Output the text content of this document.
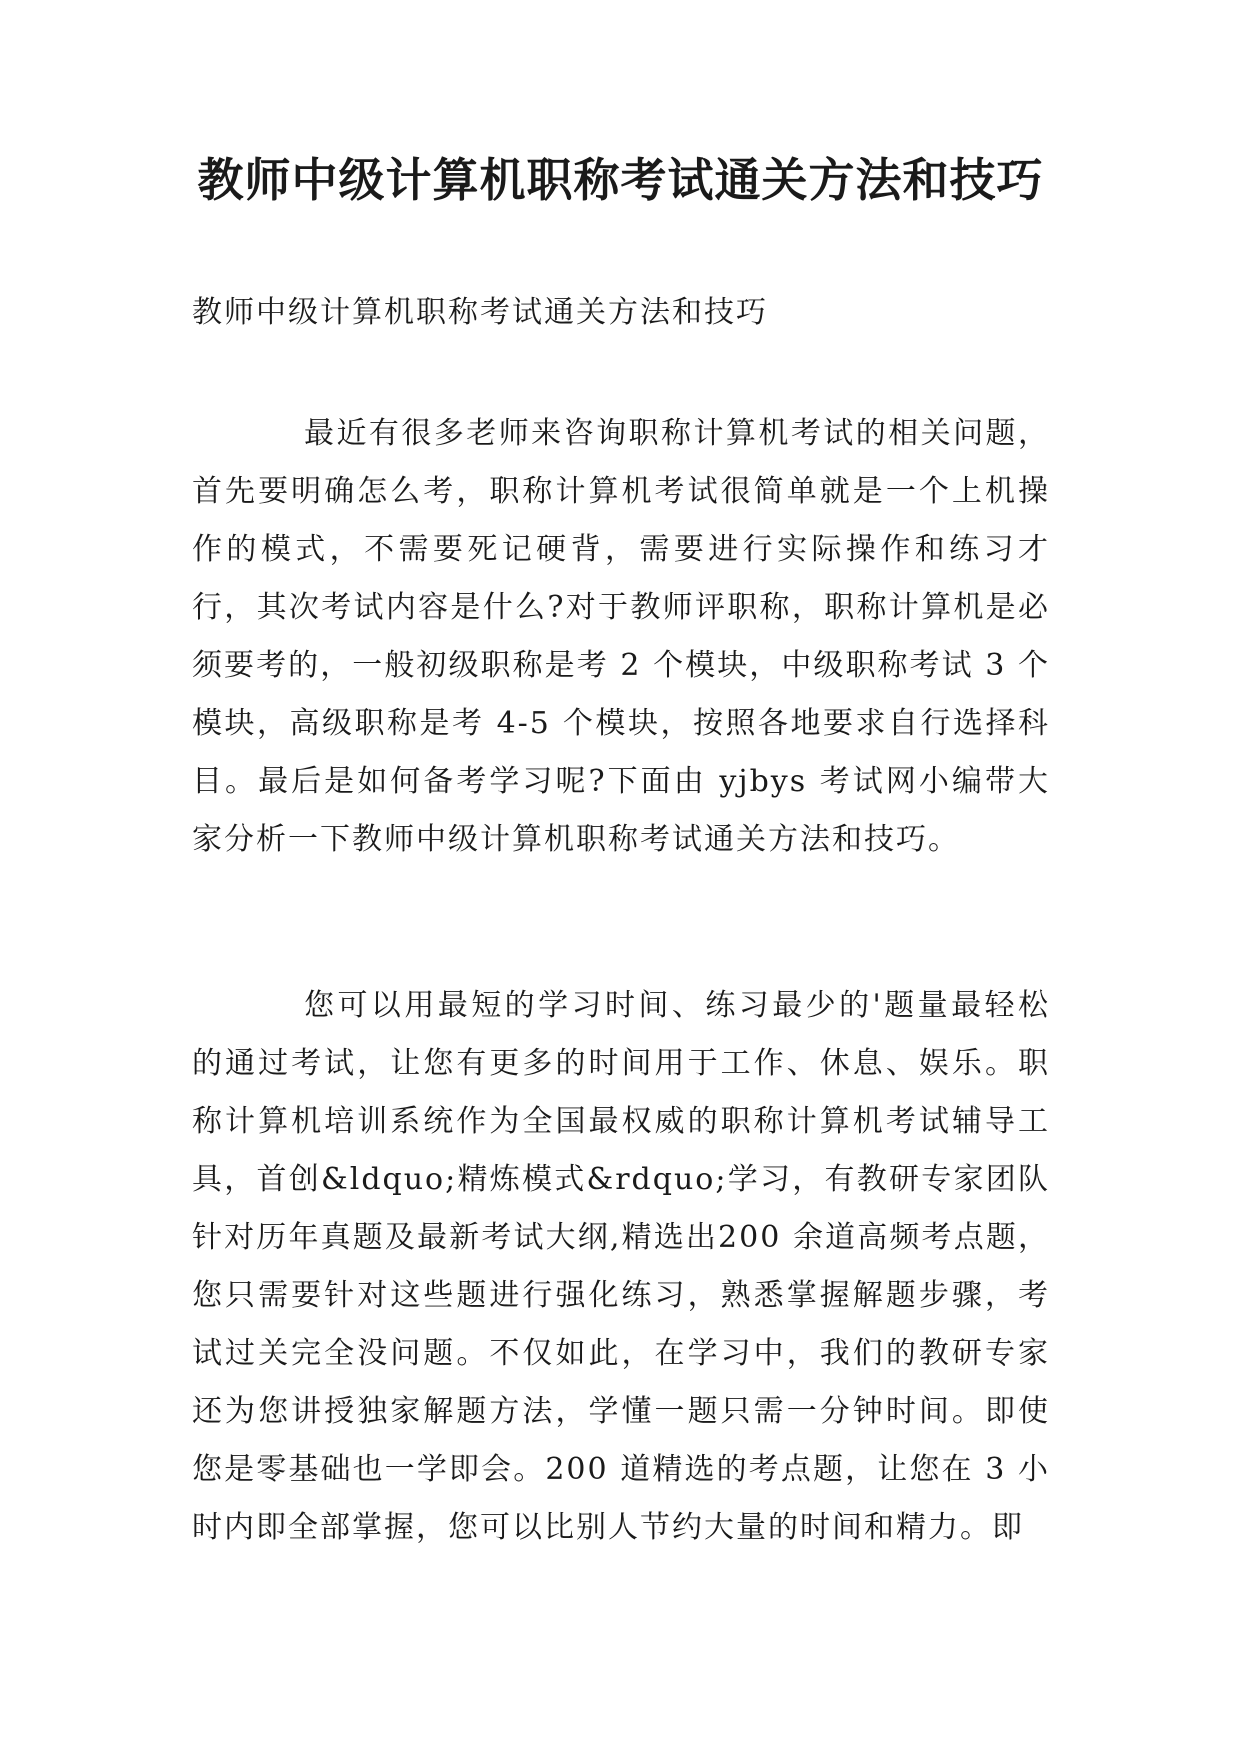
教师中级计算机职称考试通关方法和技巧

教师中级计算机职称考试通关方法和技巧

最近有很多老师来咨询职称计算机考试的相关问题，首先要明确怎么考，职称计算机考试很简单就是一个上机操作的模式，不需要死记硬背，需要进行实际操作和练习才行，其次考试内容是什么?对于教师评职称，职称计算机是必须要考的，一般初级职称是考 2 个模块，中级职称考试 3 个模块，高级职称是考 4-5 个模块，按照各地要求自行选择科目。最后是如何备考学习呢?下面由 yjbys 考试网小编带大家分析一下教师中级计算机职称考试通关方法和技巧。

您可以用最短的学习时间、练习最少的'题量最轻松的通过考试，让您有更多的时间用于工作、休息、娱乐。职称计算机培训系统作为全国最权威的职称计算机考试辅导工具，首创&ldquo;精炼模式&rdquo;学习，有教研专家团队针对历年真题及最新考试大纲,精选出200 余道高频考点题，您只需要针对这些题进行强化练习，熟悉掌握解题步骤，考试过关完全没问题。不仅如此，在学习中，我们的教研专家还为您讲授独家解题方法，学懂一题只需一分钟时间。即使您是零基础也一学即会。200 道精选的考点题，让您在 3 小时内即全部掌握，您可以比别人节约大量的时间和精力。即
